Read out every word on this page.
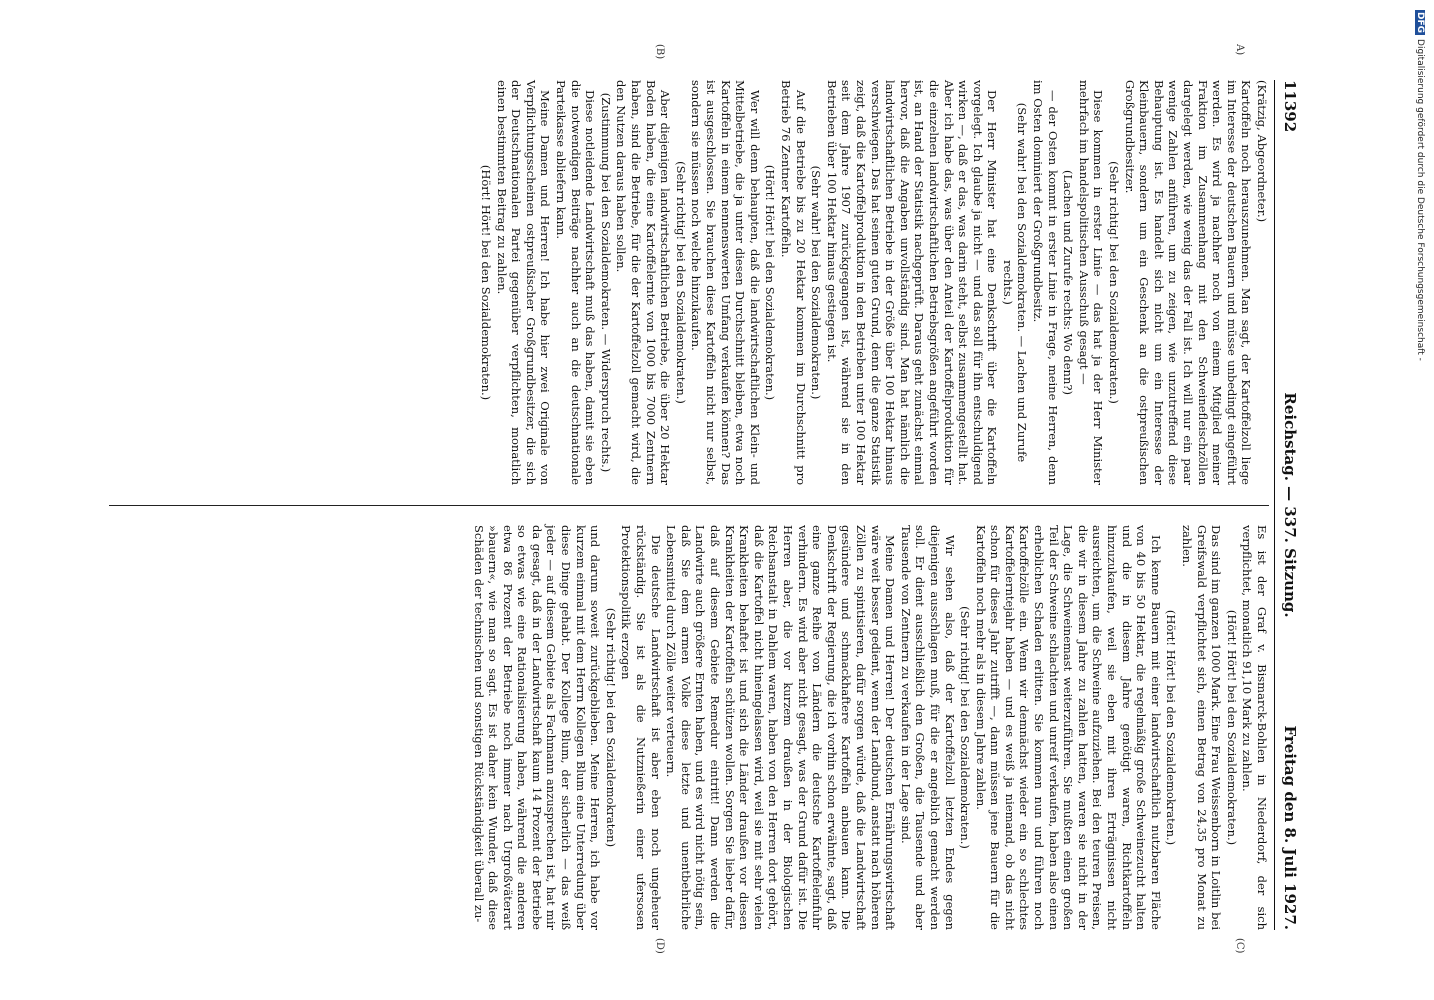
11392
Reichstag. — 337. Sitzung.
Freitag den 8. Juli 1927.
A)
(B)
(C)
(D)

(Krätzig, Abgeordneter.)

Kartoffeln noch herauszunehmen. Man sagt, der Kartoffelzoll liege im Interesse der deutschen Bauern und müsse unbedingt eingeführt werden. Es wird ja nachher noch von einem Mitglied meiner Fraktion im Zusammenhang mit den Schweinefleischzöllen dargelegt werden, wie wenig das der Fall ist. Ich will nur ein paar wenige Zahlen anführen, um zu zeigen, wie unzutreffend diese Behauptung ist. Es handelt sich nicht um ein Interesse der Kleinbauern, sondern um ein Geschenk an die ostpreußischen Großgrundbesitzer.

(Sehr richtig! bei den Sozialdemokraten.)

Diese kommen in erster Linie — das hat ja der Herr Minister mehrfach im handelspolitischen Ausschuß gesagt —

(Lachen und Zurufe rechts: Wo denn?)

— der Osten kommt in erster Linie in Frage, meine Herren, denn im Osten dominiert der Großgrundbesitz.

(Sehr wahr! bei den Sozialdemokraten. — Lachen und Zurufe rechts.)

Der Herr Minister hat eine Denkschrift über die Kartoffeln vorgelegt. Ich glaube ja nicht — und das soll für ihn entschuldigend wirken —, daß er das, was darin steht, selbst zusammengestellt hat. Aber ich habe das, was über den Anteil der Kartoffelproduktion für die einzelnen landwirtschaftlichen Betriebsgrößen angeführt worden ist, an Hand der Statistik nachgeprüft. Daraus geht zunächst einmal hervor, daß die Angaben unvollständig sind. Man hat nämlich die landwirtschaftlichen Betriebe in der Größe über 100 Hektar hinaus verschwiegen. Das hat seinen guten Grund, denn die ganze Statistik zeigt, daß die Kartoffelproduktion in den Betrieben unter 100 Hektar seit dem Jahre 1907 zurückgegangen ist, während sie in den Betrieben über 100 Hektar hinaus gestiegen ist.

(Sehr wahr! bei den Sozialdemokraten.)

Auf die Betriebe bis zu 20 Hektar kommen im Durchschnitt pro Betrieb 76 Zentner Kartoffeln.

(Hört! Hört! bei den Sozialdemokraten.)

Wer will denn behaupten, daß die landwirtschaftlichen Klein- und Mittelbetriebe, die ja unter diesen Durchschnitt bleiben, etwa noch Kartoffeln in einem nennenswerten Umfang verkaufen können? Das ist ausgeschlossen. Sie brauchen diese Kartoffeln nicht nur selbst, sondern sie müssen noch welche hinzukaufen.

(Sehr richtig! bei den Sozialdemokraten.)

Aber diejenigen landwirtschaftlichen Betriebe, die über 20 Hektar Boden haben, die eine Kartoffelernte von 1000 bis 7000 Zentnern haben, sind die Betriebe, für die der Kartoffelzoll gemacht wird, die den Nutzen daraus haben sollen.

(Zustimmung bei den Sozialdemokraten. — Widerspruch rechts.)

Diese notleidende Landwirtschaft muß das haben, damit sie eben die notwendigen Beiträge nachher auch an die deutschnationale Parteikasse abliefern kann.

Meine Damen und Herren! Ich habe hier zwei Originale von Verpflichtungsscheinen ostpreußischer Großgrundbesitzer, die sich der Deutschnationalen Partei gegenüber verpflichten, monatlich einen bestimmten Beitrag zu zahlen.

(Hört! Hört! bei den Sozialdemokraten.)

Es ist der Graf v. Bismarck-Bohlen in Niederdorf, der sich verpflichtet, monatlich 91,10 Mark zu zahlen.

(Hört! Hört! bei den Sozialdemokraten.)

Das sind im ganzen 1000 Mark. Eine Frau Weissenborn in Loitlin bei Greifswald verpflichtet sich, einen Betrag von 24,35 pro Monat zu zahlen.

(Hört! Hört! bei den Sozialdemokraten.)

Ich kenne Bauern mit einer landwirtschaftlich nutzbaren Fläche von 40 bis 50 Hektar, die regelmäßig große Schweinezucht halten und die in diesem Jahre genötigt waren, Richtkartoffeln hinzuzukaufen, weil sie eben mit ihren Erträgnissen nicht ausreichten, um die Schweine aufzuziehen. Bei den teuren Preisen, die wir in diesem Jahre zu zahlen hatten, waren sie nicht in der Lage, die Schweinemast weiterzuführen. Sie mußten einen großen Teil der Schweine schlachten und unreif verkaufen, haben also einen erheblichen Schaden erlitten. Sie kommen nun und führen noch Kartoffelzölle ein. Wenn wir demnächst wieder ein so schlechtes Kartoffelerntejahr haben — und es weiß ja niemand, ob das nicht schon für dieses Jahr zutrifft —, dann müssen jene Bauern für die Kartoffeln noch mehr als in diesem Jahre zahlen.

(Sehr richtig! bei den Sozialdemokraten.)

Wir sehen also, daß der Kartoffelzoll letzten Endes gegen diejenigen ausschlagen muß, für die er angeblich gemacht werden soll. Er dient ausschließlich den Großen, die Tausende und aber Tausende von Zentnern zu verkaufen in der Lage sind.

Meine Damen und Herren! Der deutschen Ernährungswirtschaft wäre weit besser gedient, wenn der Landbund, anstatt nach höheren Zöllen zu spintisieren, dafür sorgen würde, daß die Landwirtschaft gesündere und schmackhaftere Kartoffeln anbauen kann. Die Denkschrift der Regierung, die ich vorhin schon erwähnte, sagt, daß eine ganze Reihe von Ländern die deutsche Kartoffeleinfuhr verhindern. Es wird aber nicht gesagt, was der Grund dafür ist. Die Herren aber, die vor kurzem draußen in der Biologischen Reichsanstalt in Dahlem waren, haben von den Herren dort gehört, daß die Kartoffel nicht hineingelassen wird, weil sie mit sehr vielen Krankheiten behaftet ist und sich die Länder draußen vor diesen Krankheiten der Kartoffeln schützen wollen. Sorgen Sie lieber dafür, daß auf diesem Gebiete Remedur eintritt! Dann werden die Landwirte auch größere Ernten haben, und es wird nicht nötig sein, daß Sie dem armen Volke diese letzte und unentbehrliche Lebensmittel durch Zölle weiter verteuern.

Die deutsche Landwirtschaft ist aber eben noch ungeheuer rückständig. Sie ist als die Nutznießerin einer ufersosen Protektionspolitik erzogen

(Sehr richtig! bei den Sozialdemokraten)

und darum soweit zurückgeblieben. Meine Herren, ich habe vor kurzem einmal mit dem Herrn Kollegen Blum eine Unterredung über diese Dinge gehabt. Der Kollege Blum, der sicherlich — das weiß jeder — auf diesem Gebiete als Fachmann anzusprechen ist, hat mir da gesagt, daß in der Landwirtschaft kaum 14 Prozent der Betriebe so etwas wie eine Rationalisierung haben, während die anderen etwa 86 Prozent der Betriebe noch immer nach Urgroßväterart »bauern«, wie man so sagt. Es ist daher kein Wunder, daß diese Schäden der technischen und sonstigen Rückständigkeit überall zu-

DFGDigitalisierung gefördert durch die Deutsche Forschungsgemeinschaft -
